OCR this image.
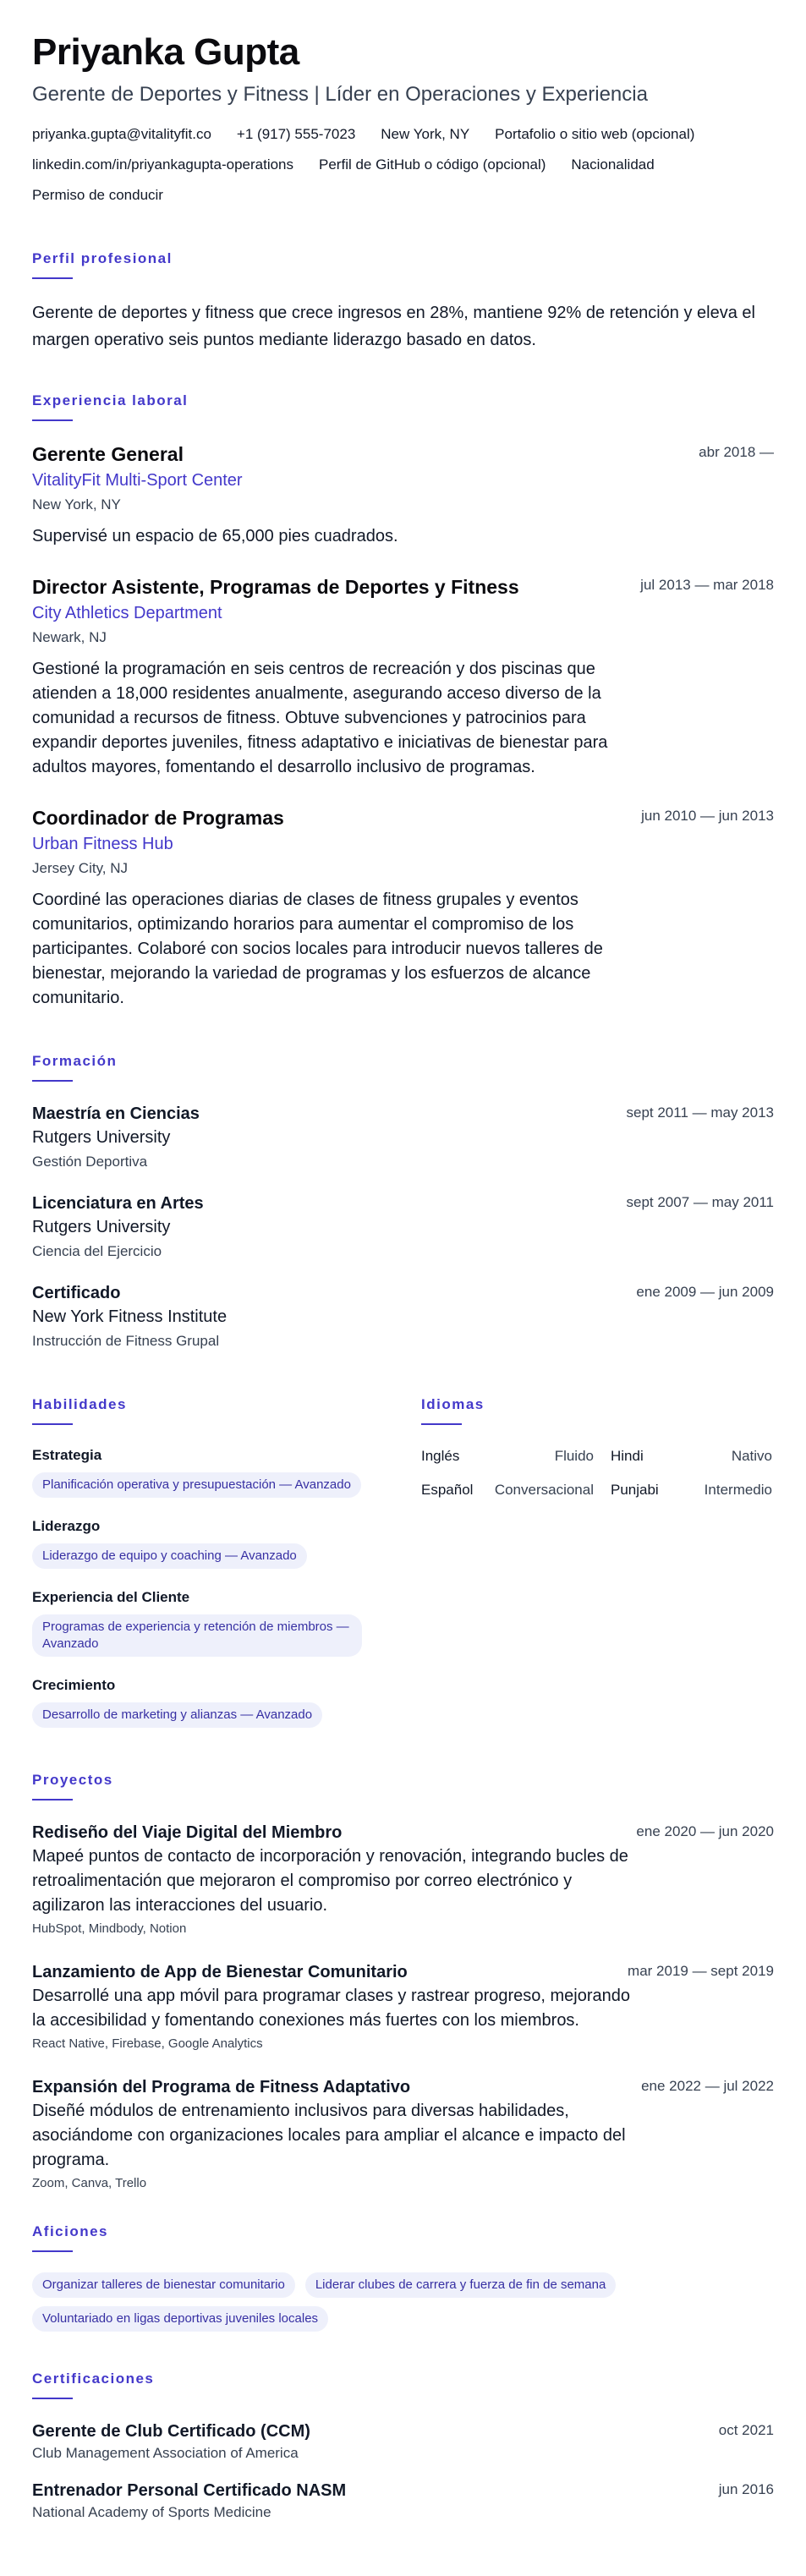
Priyanka Gupta
Gerente de Deportes y Fitness | Líder en Operaciones y Experiencia
priyanka.gupta@vitalityfit.co +1 (917) 555-7023 New York, NY Portafolio o sitio web (opcional)
linkedin.com/in/priyankagupta-operations Perfil de GitHub o código (opcional) Nacionalidad
Permiso de conducir
Perfil profesional
Gerente de deportes y fitness que crece ingresos en 28%, mantiene 92% de retención y eleva el margen operativo seis puntos mediante liderazgo basado en datos.
Experiencia laboral
Gerente General
VitalityFit Multi-Sport Center
New York, NY
Supervisé un espacio de 65,000 pies cuadrados.
abr 2018 —
Director Asistente, Programas de Deportes y Fitness
City Athletics Department
Newark, NJ
Gestioné la programación en seis centros de recreación y dos piscinas que atienden a 18,000 residentes anualmente, asegurando acceso diverso de la comunidad a recursos de fitness. Obtuve subvenciones y patrocinios para expandir deportes juveniles, fitness adaptativo e iniciativas de bienestar para adultos mayores, fomentando el desarrollo inclusivo de programas.
jul 2013 — mar 2018
Coordinador de Programas
Urban Fitness Hub
Jersey City, NJ
Coordiné las operaciones diarias de clases de fitness grupales y eventos comunitarios, optimizando horarios para aumentar el compromiso de los participantes. Colaboré con socios locales para introducir nuevos talleres de bienestar, mejorando la variedad de programas y los esfuerzos de alcance comunitario.
jun 2010 — jun 2013
Formación
Maestría en Ciencias
Rutgers University
Gestión Deportiva
sept 2011 — may 2013
Licenciatura en Artes
Rutgers University
Ciencia del Ejercicio
sept 2007 — may 2011
Certificado
New York Fitness Institute
Instrucción de Fitness Grupal
ene 2009 — jun 2009
Habilidades
Estrategia
Planificación operativa y presupuestación — Avanzado
Liderazgo
Liderazgo de equipo y coaching — Avanzado
Experiencia del Cliente
Programas de experiencia y retención de miembros — Avanzado
Crecimiento
Desarrollo de marketing y alianzas — Avanzado
Idiomas
Inglés	Fluido Hindi	Nativo
Español	Conversacional Punjabi	Intermedio
Proyectos
Rediseño del Viaje Digital del Miembro
Mapeé puntos de contacto de incorporación y renovación, integrando bucles de retroalimentación que mejoraron el compromiso por correo electrónico y agilizaron las interacciones del usuario.
HubSpot, Mindbody, Notion
ene 2020 — jun 2020
Lanzamiento de App de Bienestar Comunitario
Desarrollé una app móvil para programar clases y rastrear progreso, mejorando la accesibilidad y fomentando conexiones más fuertes con los miembros.
React Native, Firebase, Google Analytics
mar 2019 — sept 2019
Expansión del Programa de Fitness Adaptativo
Diseñé módulos de entrenamiento inclusivos para diversas habilidades, asociándome con organizaciones locales para ampliar el alcance e impacto del programa.
Zoom, Canva, Trello
ene 2022 — jul 2022
Aficiones
Organizar talleres de bienestar comunitario	Liderar clubes de carrera y fuerza de fin de semana
Voluntariado en ligas deportivas juveniles locales
Certificaciones
Gerente de Club Certificado (CCM)
Club Management Association of America
oct 2021
Entrenador Personal Certificado NASM
National Academy of Sports Medicine
jun 2016
